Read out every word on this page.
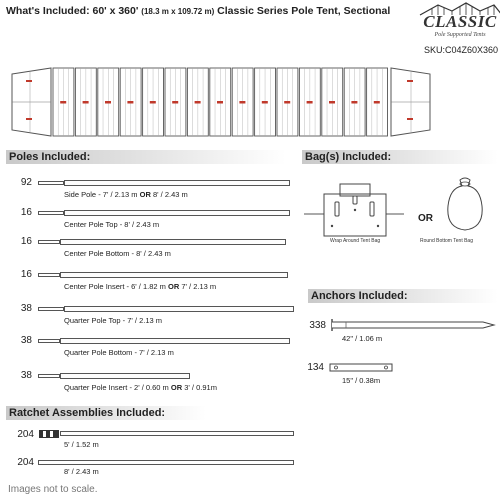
What's Included: 60' x 360' (18.3 m x 109.72 m) Classic Series Pole Tent, Sectional
CLASSIC
Pole Supported Tents
SKU:C04Z60X360
Poles Included:
92
Side Pole - 7' / 2.13 m OR 8' / 2.43 m
16
Center Pole Top - 8' / 2.43 m
16
Center Pole Bottom - 8' / 2.43 m
16
Center Pole Insert - 6' / 1.82 m OR 7' / 2.13 m
38
Quarter Pole Top - 7' / 2.13 m
38
Quarter Pole Bottom - 7' / 2.13 m
38
Quarter Pole Insert - 2' / 0.60 m OR 3' / 0.91m
Bag(s) Included:
Wrap Around Tent Bag
OR
Round Bottom Tent Bag
Anchors Included:
338
42" / 1.06 m
134
15" / 0.38m
Ratchet Assemblies Included:
204
5' / 1.52 m
204
8' / 2.43 m
Images not to scale.
